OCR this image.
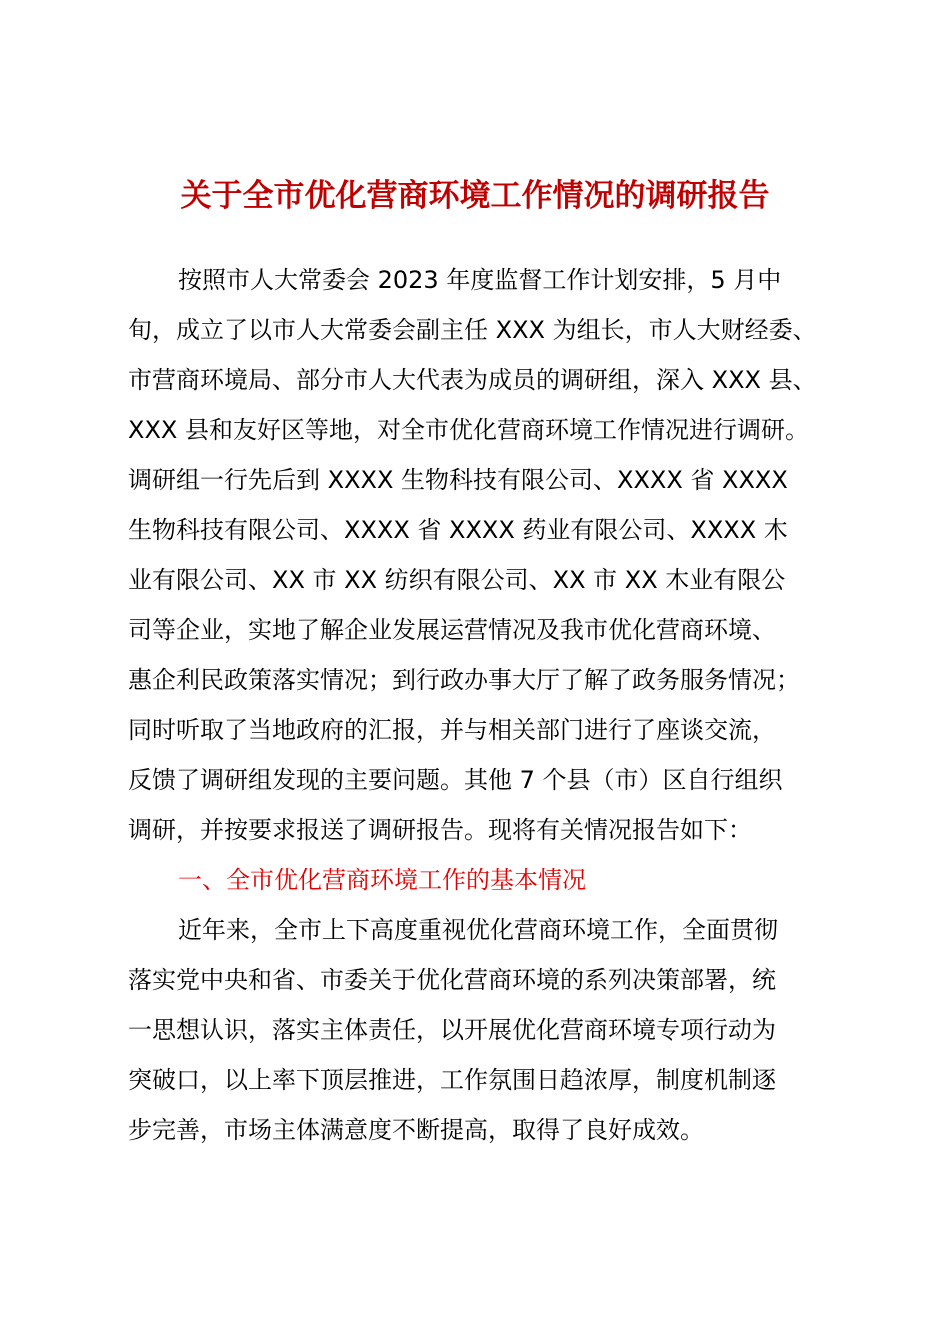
关于全市优化营商环境工作情况的调研报告
按照市人大常委会 2023 年度监督工作计划安排，5 月中
旬，成立了以市人大常委会副主任 XXX 为组长，市人大财经委、
市营商环境局、部分市人大代表为成员的调研组，深入 XXX 县、
XXX 县和友好区等地，对全市优化营商环境工作情况进行调研。
调研组一行先后到 XXXX 生物科技有限公司、XXXX 省 XXXX
生物科技有限公司、XXXX 省 XXXX 药业有限公司、XXXX 木
业有限公司、XX 市 XX 纺织有限公司、XX 市 XX 木业有限公
司等企业，实地了解企业发展运营情况及我市优化营商环境、
惠企利民政策落实情况；到行政办事大厅了解了政务服务情况；
同时听取了当地政府的汇报，并与相关部门进行了座谈交流，
反馈了调研组发现的主要问题。其他 7 个县（市）区自行组织
调研，并按要求报送了调研报告。现将有关情况报告如下：
一、全市优化营商环境工作的基本情况
近年来，全市上下高度重视优化营商环境工作，全面贯彻
落实党中央和省、市委关于优化营商环境的系列决策部署，统
一思想认识，落实主体责任，以开展优化营商环境专项行动为
突破口，以上率下顶层推进，工作氛围日趋浓厚，制度机制逐
步完善，市场主体满意度不断提高，取得了良好成效。
